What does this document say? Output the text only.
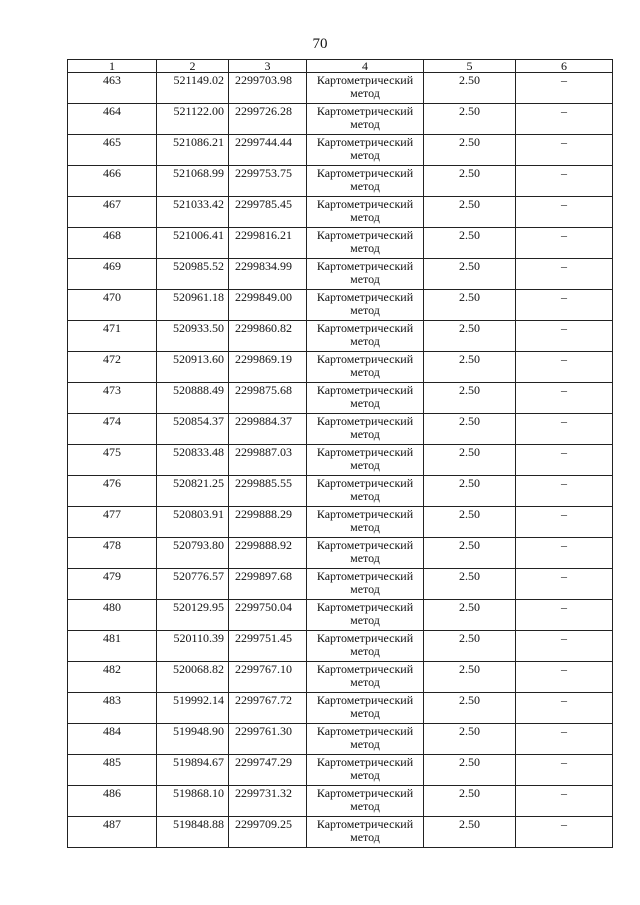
70
1	2	3	4	5	6
463	521149.02	2299703.98	Картометрический метод	2.50	–
464	521122.00	2299726.28	Картометрический метод	2.50	–
465	521086.21	2299744.44	Картометрический метод	2.50	–
466	521068.99	2299753.75	Картометрический метод	2.50	–
467	521033.42	2299785.45	Картометрический метод	2.50	–
468	521006.41	2299816.21	Картометрический метод	2.50	–
469	520985.52	2299834.99	Картометрический метод	2.50	–
470	520961.18	2299849.00	Картометрический метод	2.50	–
471	520933.50	2299860.82	Картометрический метод	2.50	–
472	520913.60	2299869.19	Картометрический метод	2.50	–
473	520888.49	2299875.68	Картометрический метод	2.50	–
474	520854.37	2299884.37	Картометрический метод	2.50	–
475	520833.48	2299887.03	Картометрический метод	2.50	–
476	520821.25	2299885.55	Картометрический метод	2.50	–
477	520803.91	2299888.29	Картометрический метод	2.50	–
478	520793.80	2299888.92	Картометрический метод	2.50	–
479	520776.57	2299897.68	Картометрический метод	2.50	–
480	520129.95	2299750.04	Картометрический метод	2.50	–
481	520110.39	2299751.45	Картометрический метод	2.50	–
482	520068.82	2299767.10	Картометрический метод	2.50	–
483	519992.14	2299767.72	Картометрический метод	2.50	–
484	519948.90	2299761.30	Картометрический метод	2.50	–
485	519894.67	2299747.29	Картометрический метод	2.50	–
486	519868.10	2299731.32	Картометрический метод	2.50	–
487	519848.88	2299709.25	Картометрический метод	2.50	–
